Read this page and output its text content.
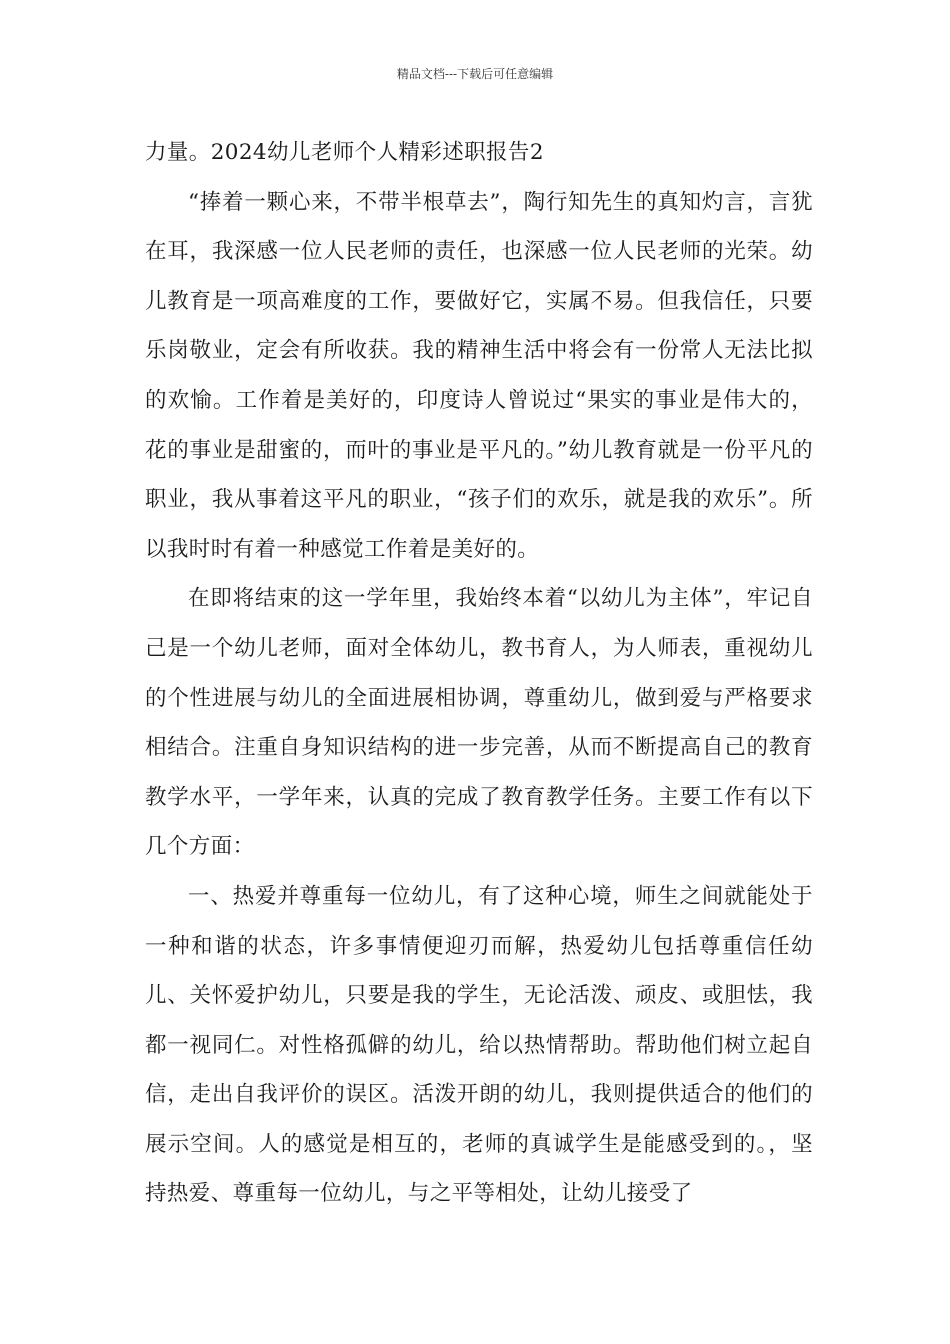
精品文档---下载后可任意编辑

力量。2024幼儿老师个人精彩述职报告2

“捧着一颗心来，不带半根草去”，陶行知先生的真知灼言，言犹在耳，我深感一位人民老师的责任，也深感一位人民老师的光荣。幼儿教育是一项高难度的工作，要做好它，实属不易。但我信任，只要乐岗敬业，定会有所收获。我的精神生活中将会有一份常人无法比拟的欢愉。工作着是美好的，印度诗人曾说过“果实的事业是伟大的，花的事业是甜蜜的，而叶的事业是平凡的。”幼儿教育就是一份平凡的职业，我从事着这平凡的职业，“孩子们的欢乐，就是我的欢乐”。所以我时时有着一种感觉工作着是美好的。

在即将结束的这一学年里，我始终本着“以幼儿为主体”，牢记自己是一个幼儿老师，面对全体幼儿，教书育人，为人师表，重视幼儿的个性进展与幼儿的全面进展相协调，尊重幼儿，做到爱与严格要求相结合。注重自身知识结构的进一步完善，从而不断提高自己的教育教学水平，一学年来，认真的完成了教育教学任务。主要工作有以下几个方面：

一、热爱并尊重每一位幼儿，有了这种心境，师生之间就能处于一种和谐的状态，许多事情便迎刃而解，热爱幼儿包括尊重信任幼儿、关怀爱护幼儿，只要是我的学生，无论活泼、顽皮、或胆怯，我都一视同仁。对性格孤僻的幼儿，给以热情帮助。帮助他们树立起自信，走出自我评价的误区。活泼开朗的幼儿，我则提供适合的他们的展示空间。人的感觉是相互的，老师的真诚学生是能感受到的。，坚持热爱、尊重每一位幼儿，与之平等相处，让幼儿接受了
